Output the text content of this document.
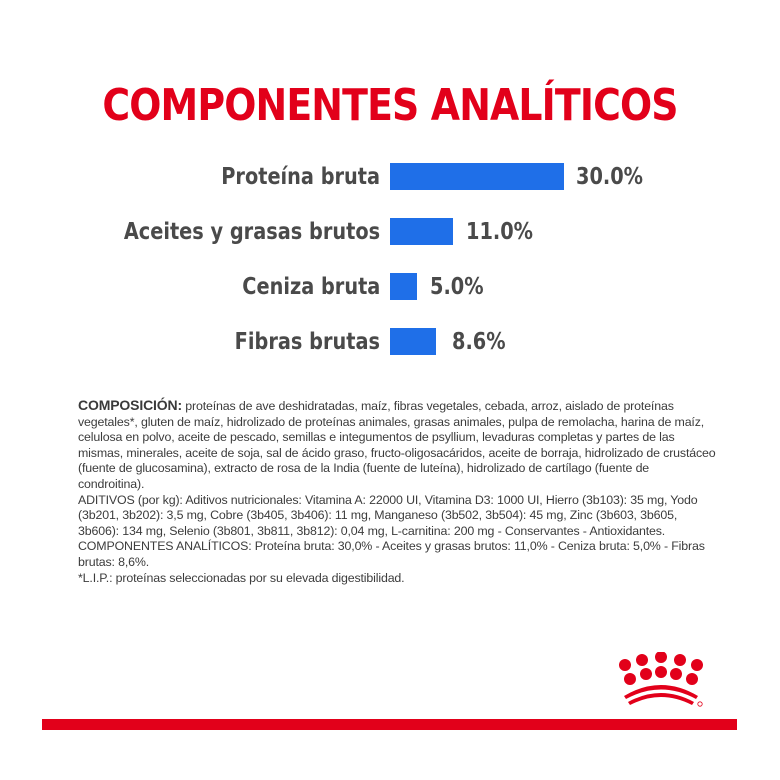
COMPONENTES ANALÍTICOS
Proteína bruta	30.0%
Aceites y grasas brutos	11.0%
Ceniza bruta 5.0%
Fibras brutas	8.6%

COMPOSICIÓN: proteínas de ave deshidratadas, maíz, fibras vegetales, cebada, arroz, aislado de proteínas vegetales*, gluten de maíz, hidrolizado de proteínas animales, grasas animales, pulpa de remolacha, harina de maíz, celulosa en polvo, aceite de pescado, semillas e integumentos de psyllium, levaduras completas y partes de las mismas, minerales, aceite de soja, sal de ácido graso, fructo-oligosacáridos, aceite de borraja, hidrolizado de crustáceo (fuente de glucosamina), extracto de rosa de la India (fuente de luteína), hidrolizado de cartílago (fuente de condroitina).

ADITIVOS (por kg): Aditivos nutricionales: Vitamina A: 22000 UI, Vitamina D3: 1000 UI, Hierro (3b103): 35 mg, Yodo (3b201, 3b202): 3,5 mg, Cobre (3b405, 3b406): 11 mg, Manganeso (3b502, 3b504): 45 mg, Zinc (3b603, 3b605, 3b606): 134 mg, Selenio (3b801, 3b811, 3b812): 0,04 mg, L-carnitina: 200 mg - Conservantes - Antioxidantes.

COMPONENTES ANALÍTICOS: Proteína bruta: 30,0% - Aceites y grasas brutos: 11,0% - Ceniza bruta: 5,0% - Fibras brutas: 8,6%.

*L.I.P.: proteínas seleccionadas por su elevada digestibilidad.
